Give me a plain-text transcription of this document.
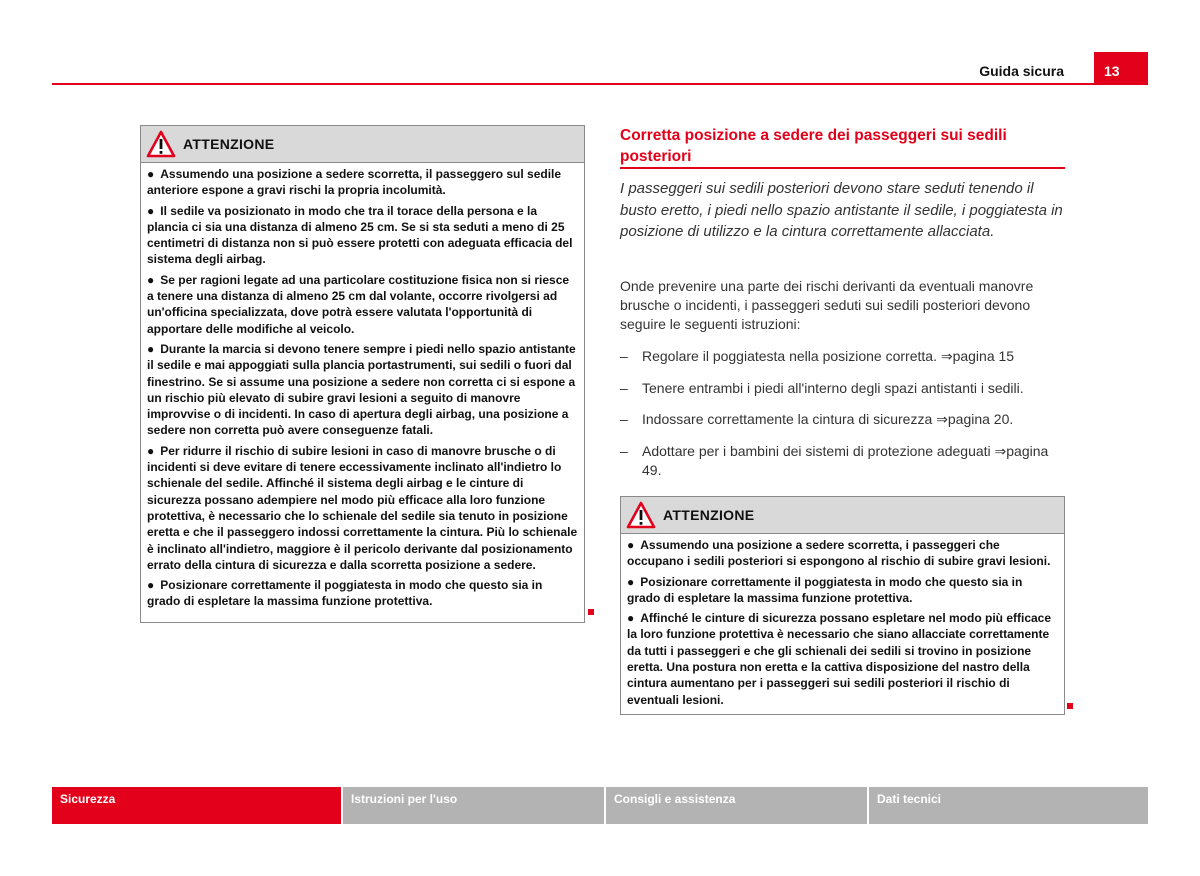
Guida sicura	13
ATTENZIONE
● Assumendo una posizione a sedere scorretta, il passeggero sul sedile anteriore espone a gravi rischi la propria incolumità.
● Il sedile va posizionato in modo che tra il torace della persona e la plancia ci sia una distanza di almeno 25 cm. Se si sta seduti a meno di 25 centimetri di distanza non si può essere protetti con adeguata efficacia del sistema degli airbag.
● Se per ragioni legate ad una particolare costituzione fisica non si riesce a tenere una distanza di almeno 25 cm dal volante, occorre rivolgersi ad un'officina specializzata, dove potrà essere valutata l'opportunità di apportare delle modifiche al veicolo.
● Durante la marcia si devono tenere sempre i piedi nello spazio antistante il sedile e mai appoggiati sulla plancia portastrumenti, sui sedili o fuori dal finestrino. Se si assume una posizione a sedere non corretta ci si espone a un rischio più elevato di subire gravi lesioni a seguito di manovre improvvise o di incidenti. In caso di apertura degli airbag, una posizione a sedere non corretta può avere conseguenze fatali.
● Per ridurre il rischio di subire lesioni in caso di manovre brusche o di incidenti si deve evitare di tenere eccessivamente inclinato all'indietro lo schienale del sedile. Affinché il sistema degli airbag e le cinture di sicurezza possano adempiere nel modo più efficace alla loro funzione protettiva, è necessario che lo schienale del sedile sia tenuto in posizione eretta e che il passeggero indossi correttamente la cintura. Più lo schienale è inclinato all'indietro, maggiore è il pericolo derivante dal posizionamento errato della cintura di sicurezza e dalla scorretta posizione a sedere.
● Posizionare correttamente il poggiatesta in modo che questo sia in grado di espletare la massima funzione protettiva.
Corretta posizione a sedere dei passeggeri sui sedili posteriori
I passeggeri sui sedili posteriori devono stare seduti tenendo il busto eretto, i piedi nello spazio antistante il sedile, i poggiatesta in posizione di utilizzo e la cintura correttamente allacciata.
Onde prevenire una parte dei rischi derivanti da eventuali manovre brusche o incidenti, i passeggeri seduti sui sedili posteriori devono seguire le seguenti istruzioni:
– Regolare il poggiatesta nella posizione corretta. ⇒pagina 15
– Tenere entrambi i piedi all'interno degli spazi antistanti i sedili.
– Indossare correttamente la cintura di sicurezza ⇒pagina 20.
– Adottare per i bambini dei sistemi di protezione adeguati ⇒pagina 49.
ATTENZIONE
● Assumendo una posizione a sedere scorretta, i passeggeri che occupano i sedili posteriori si espongono al rischio di subire gravi lesioni.
● Posizionare correttamente il poggiatesta in modo che questo sia in grado di espletare la massima funzione protettiva.
● Affinché le cinture di sicurezza possano espletare nel modo più efficace la loro funzione protettiva è necessario che siano allacciate correttamente da tutti i passeggeri e che gli schienali dei sedili si trovino in posizione eretta. Una postura non eretta e la cattiva disposizione del nastro della cintura aumentano per i passeggeri sui sedili posteriori il rischio di eventuali lesioni.
Sicurezza	Istruzioni per l'uso	Consigli e assistenza	Dati tecnici
